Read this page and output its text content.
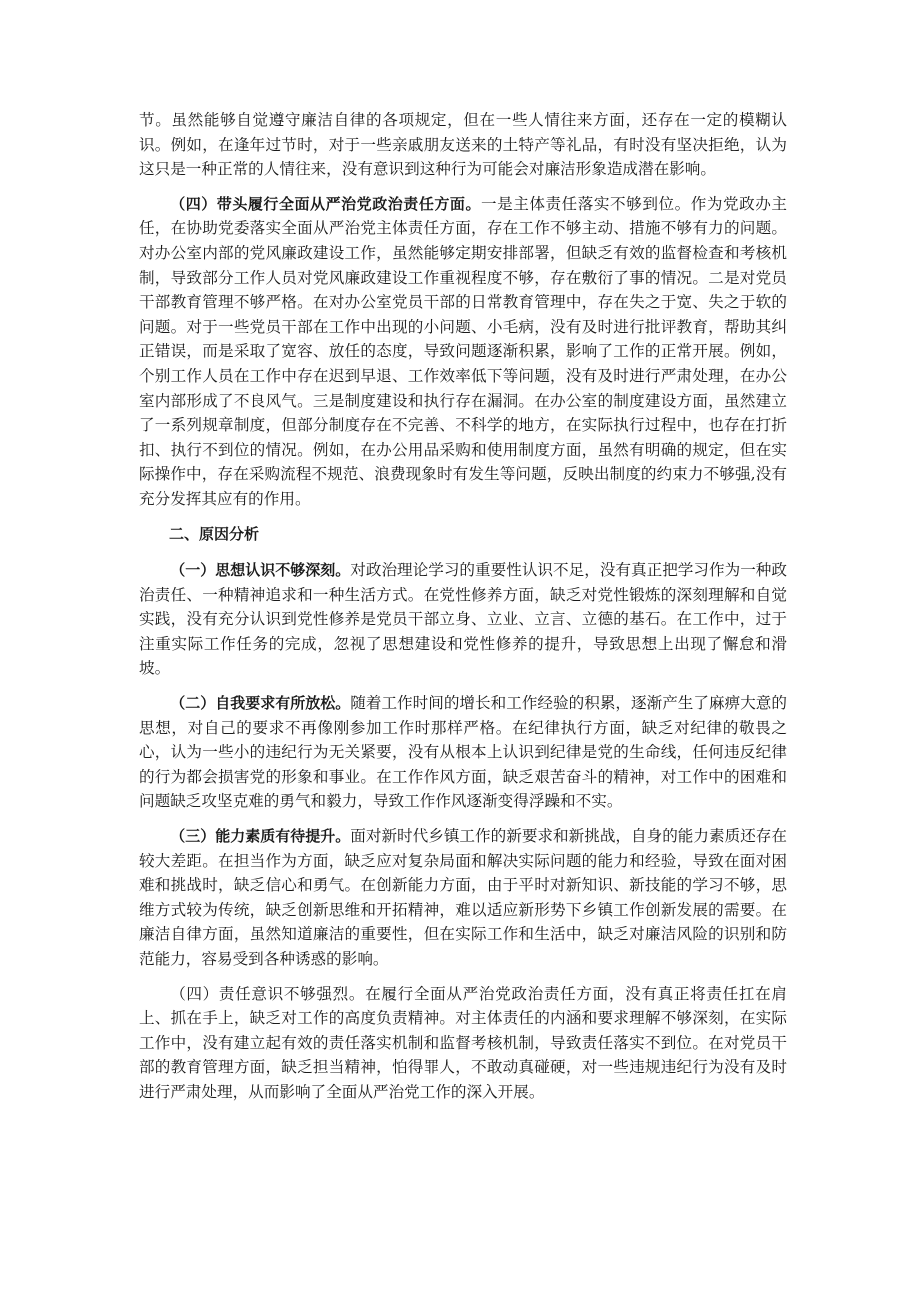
节。虽然能够自觉遵守廉洁自律的各项规定，但在一些人情往来方面，还存在一定的模糊认识。例如，在逢年过节时，对于一些亲戚朋友送来的土特产等礼品，有时没有坚决拒绝，认为这只是一种正常的人情往来，没有意识到这种行为可能会对廉洁形象造成潜在影响。

（四）带头履行全面从严治党政治责任方面。一是主体责任落实不够到位。作为党政办主任，在协助党委落实全面从严治党主体责任方面，存在工作不够主动、措施不够有力的问题。对办公室内部的党风廉政建设工作，虽然能够定期安排部署，但缺乏有效的监督检查和考核机制，导致部分工作人员对党风廉政建设工作重视程度不够，存在敷衍了事的情况。二是对党员干部教育管理不够严格。在对办公室党员干部的日常教育管理中，存在失之于宽、失之于软的问题。对于一些党员干部在工作中出现的小问题、小毛病，没有及时进行批评教育，帮助其纠正错误，而是采取了宽容、放任的态度，导致问题逐渐积累，影响了工作的正常开展。例如，个别工作人员在工作中存在迟到早退、工作效率低下等问题，没有及时进行严肃处理，在办公室内部形成了不良风气。三是制度建设和执行存在漏洞。在办公室的制度建设方面，虽然建立了一系列规章制度，但部分制度存在不完善、不科学的地方，在实际执行过程中，也存在打折扣、执行不到位的情况。例如，在办公用品采购和使用制度方面，虽然有明确的规定，但在实际操作中，存在采购流程不规范、浪费现象时有发生等问题，反映出制度的约束力不够强,没有充分发挥其应有的作用。

二、原因分析

（一）思想认识不够深刻。对政治理论学习的重要性认识不足，没有真正把学习作为一种政治责任、一种精神追求和一种生活方式。在党性修养方面，缺乏对党性锻炼的深刻理解和自觉实践，没有充分认识到党性修养是党员干部立身、立业、立言、立德的基石。在工作中，过于注重实际工作任务的完成，忽视了思想建设和党性修养的提升，导致思想上出现了懈怠和滑坡。

（二）自我要求有所放松。随着工作时间的增长和工作经验的积累，逐渐产生了麻痹大意的思想，对自己的要求不再像刚参加工作时那样严格。在纪律执行方面，缺乏对纪律的敬畏之心，认为一些小的违纪行为无关紧要，没有从根本上认识到纪律是党的生命线，任何违反纪律的行为都会损害党的形象和事业。在工作作风方面，缺乏艰苦奋斗的精神，对工作中的困难和问题缺乏攻坚克难的勇气和毅力，导致工作作风逐渐变得浮躁和不实。

（三）能力素质有待提升。面对新时代乡镇工作的新要求和新挑战，自身的能力素质还存在较大差距。在担当作为方面，缺乏应对复杂局面和解决实际问题的能力和经验，导致在面对困难和挑战时，缺乏信心和勇气。在创新能力方面，由于平时对新知识、新技能的学习不够，思维方式较为传统，缺乏创新思维和开拓精神，难以适应新形势下乡镇工作创新发展的需要。在廉洁自律方面，虽然知道廉洁的重要性，但在实际工作和生活中，缺乏对廉洁风险的识别和防范能力，容易受到各种诱惑的影响。

（四）责任意识不够强烈。在履行全面从严治党政治责任方面，没有真正将责任扛在肩上、抓在手上，缺乏对工作的高度负责精神。对主体责任的内涵和要求理解不够深刻，在实际工作中，没有建立起有效的责任落实机制和监督考核机制，导致责任落实不到位。在对党员干部的教育管理方面，缺乏担当精神，怕得罪人，不敢动真碰硬，对一些违规违纪行为没有及时进行严肃处理，从而影响了全面从严治党工作的深入开展。
